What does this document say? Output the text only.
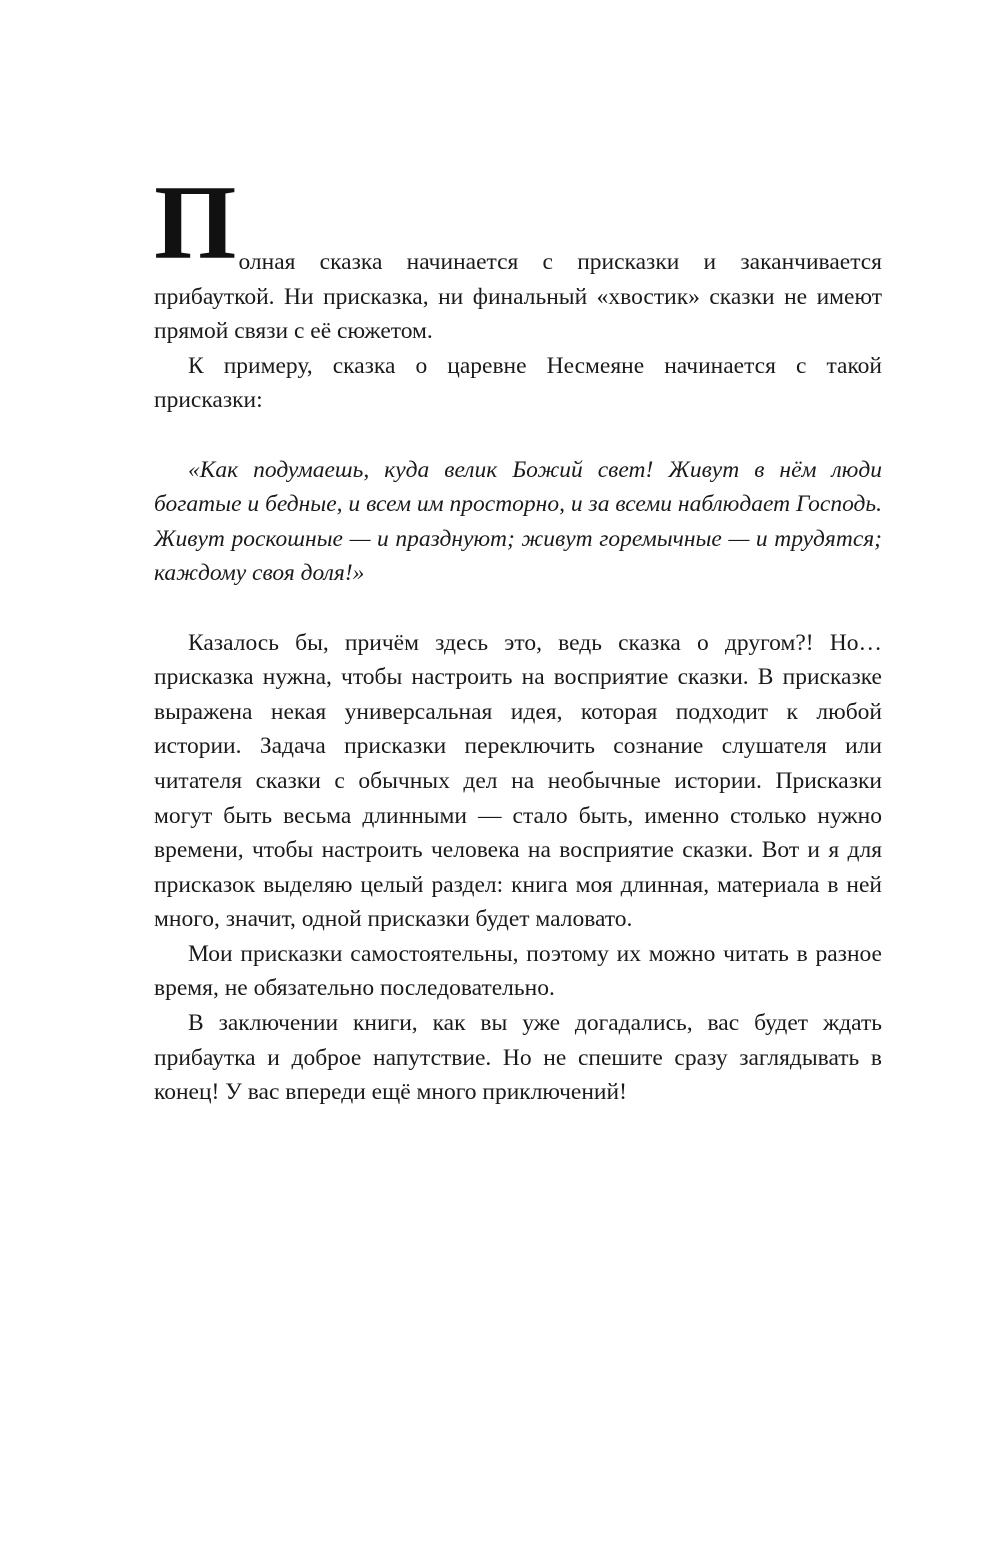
Полная сказка начинается с присказки и заканчивается прибауткой. Ни присказка, ни финальный «хвостик» сказки не имеют прямой связи с её сюжетом.

К примеру, сказка о царевне Несмеяне начинается с такой присказки:

«Как подумаешь, куда велик Божий свет! Живут в нём люди богатые и бедные, и всем им просторно, и за всеми наблюдает Господь. Живут роскошные — и празднуют; живут горемычные — и трудятся; каждому своя доля!»

Казалось бы, причём здесь это, ведь сказка о другом?! Но… присказка нужна, чтобы настроить на восприятие сказки. В присказке выражена некая универсальная идея, которая подходит к любой истории. Задача присказки переключить сознание слушателя или читателя сказки с обычных дел на необычные истории. Присказки могут быть весьма длинными — стало быть, именно столько нужно времени, чтобы настроить человека на восприятие сказки. Вот и я для присказок выделяю целый раздел: книга моя длинная, материала в ней много, значит, одной присказки будет маловато.

Мои присказки самостоятельны, поэтому их можно читать в разное время, не обязательно последовательно.

В заключении книги, как вы уже догадались, вас будет ждать прибаутка и доброе напутствие. Но не спешите сразу заглядывать в конец! У вас впереди ещё много приключений!
